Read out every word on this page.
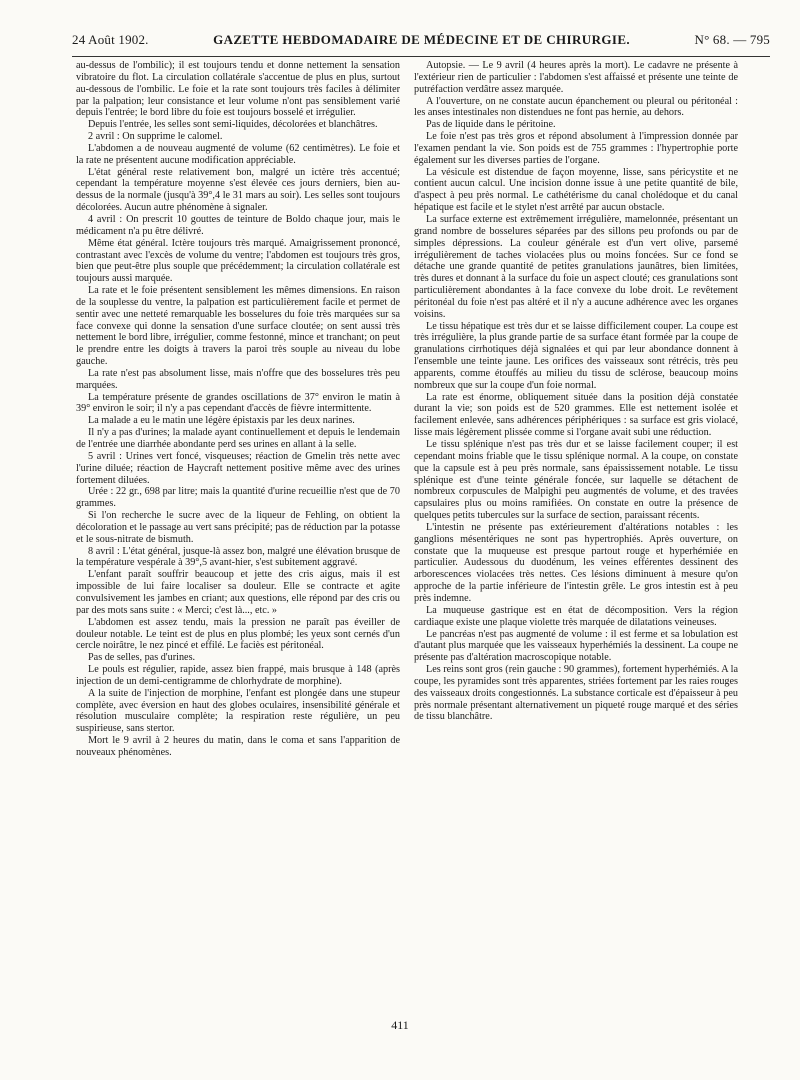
24 Août 1902.	GAZETTE HEBDOMADAIRE DE MÉDECINE ET DE CHIRURGIE.	N° 68. — 795

au-dessus de l'ombilic); il est toujours tendu et donne nettement la sensation vibratoire du flot. La circulation collatérale s'accentue de plus en plus, surtout au-dessous de l'ombilic. Le foie et la rate sont toujours très faciles à délimiter par la palpation; leur consistance et leur volume n'ont pas sensiblement varié depuis l'entrée; le bord libre du foie est toujours bosselé et irrégulier.

Depuis l'entrée, les selles sont semi-liquides, décolorées et blanchâtres.

2 avril : On supprime le calomel.

L'abdomen a de nouveau augmenté de volume (62 centimètres). Le foie et la rate ne présentent aucune modification appréciable.

L'état général reste relativement bon, malgré un ictère très accentué; cependant la température moyenne s'est élevée ces jours derniers, bien au-dessus de la normale (jusqu'à 39°,4 le 31 mars au soir). Les selles sont toujours décolorées. Aucun autre phénomène à signaler.

4 avril : On prescrit 10 gouttes de teinture de Boldo chaque jour, mais le médicament n'a pu être délivré.

Même état général. Ictère toujours très marqué. Amaigrissement prononcé, contrastant avec l'excès de volume du ventre; l'abdomen est toujours très gros, bien que peut-être plus souple que précédemment; la circulation collatérale est toujours aussi marquée.

La rate et le foie présentent sensiblement les mêmes dimensions. En raison de la souplesse du ventre, la palpation est particulièrement facile et permet de sentir avec une netteté remarquable les bosselures du foie très marquées sur sa face convexe qui donne la sensation d'une surface cloutée; on sent aussi très nettement le bord libre, irrégulier, comme festonné, mince et tranchant; on peut le prendre entre les doigts à travers la paroi très souple au niveau du lobe gauche.

La rate n'est pas absolument lisse, mais n'offre que des bosselures très peu marquées.

La température présente de grandes oscillations de 37° environ le matin à 39° environ le soir; il n'y a pas cependant d'accès de fièvre intermittente.

La malade a eu le matin une légère épistaxis par les deux narines.

Il n'y a pas d'urines; la malade ayant continuellement et depuis le lendemain de l'entrée une diarrhée abondante perd ses urines en allant à la selle.

5 avril : Urines vert foncé, visqueuses; réaction de Gmelin très nette avec l'urine diluée; réaction de Haycraft nettement positive même avec des urines fortement diluées.

Urée : 22 gr., 698 par litre; mais la quantité d'urine recueillie n'est que de 70 grammes.

Si l'on recherche le sucre avec de la liqueur de Fehling, on obtient la décoloration et le passage au vert sans précipité; pas de réduction par la potasse et le sous-nitrate de bismuth.

8 avril : L'état général, jusque-là assez bon, malgré une élévation brusque de la température vespérale à 39°,5 avant-hier, s'est subitement aggravé.

L'enfant paraît souffrir beaucoup et jette des cris aigus, mais il est impossible de lui faire localiser sa douleur. Elle se contracte et agite convulsivement les jambes en criant; aux questions, elle répond par des cris ou par des mots sans suite : « Merci; c'est là..., etc. »

L'abdomen est assez tendu, mais la pression ne paraît pas éveiller de douleur notable. Le teint est de plus en plus plombé; les yeux sont cernés d'un cercle noirâtre, le nez pincé et effilé. Le faciès est péritonéal.

Pas de selles, pas d'urines.

Le pouls est régulier, rapide, assez bien frappé, mais brusque à 148 (après injection de un demi-centigramme de chlorhydrate de morphine).

A la suite de l'injection de morphine, l'enfant est plongée dans une stupeur complète, avec éversion en haut des globes oculaires, insensibilité générale et résolution musculaire complète; la respiration reste régulière, un peu suspirieuse, sans stertor.

Mort le 9 avril à 2 heures du matin, dans le coma et sans l'apparition de nouveaux phénomènes.

Autopsie. — Le 9 avril (4 heures après la mort). Le cadavre ne présente à l'extérieur rien de particulier : l'abdomen s'est affaissé et présente une teinte de putréfaction verdâtre assez marquée.

A l'ouverture, on ne constate aucun épanchement ou pleural ou péritonéal : les anses intestinales non distendues ne font pas hernie, au dehors.

Pas de liquide dans le péritoine.

Le foie n'est pas très gros et répond absolument à l'impression donnée par l'examen pendant la vie. Son poids est de 755 grammes : l'hypertrophie porte également sur les diverses parties de l'organe.

La vésicule est distendue de façon moyenne, lisse, sans péricystite et ne contient aucun calcul. Une incision donne issue à une petite quantité de bile, d'aspect à peu près normal. Le cathétérisme du canal cholédoque et du canal hépatique est facile et le stylet n'est arrêté par aucun obstacle.

La surface externe est extrêmement irrégulière, mamelonnée, présentant un grand nombre de bosselures séparées par des sillons peu profonds ou par de simples dépressions. La couleur générale est d'un vert olive, parsemé irrégulièrement de taches violacées plus ou moins foncées. Sur ce fond se détache une grande quantité de petites granulations jaunâtres, bien limitées, très dures et donnant à la surface du foie un aspect clouté; ces granulations sont particulièrement abondantes à la face convexe du lobe droit. Le revêtement péritonéal du foie n'est pas altéré et il n'y a aucune adhérence avec les organes voisins.

Le tissu hépatique est très dur et se laisse difficilement couper. La coupe est très irrégulière, la plus grande partie de sa surface étant formée par la coupe de granulations cirrhotiques déjà signalées et qui par leur abondance donnent à l'ensemble une teinte jaune. Les orifices des vaisseaux sont rétrécis, très peu apparents, comme étouffés au milieu du tissu de sclérose, beaucoup moins nombreux que sur la coupe d'un foie normal.

La rate est énorme, obliquement située dans la position déjà constatée durant la vie; son poids est de 520 grammes. Elle est nettement isolée et facilement enlevée, sans adhérences périphériques : sa surface est gris violacé, lisse mais légèrement plissée comme si l'organe avait subi une réduction.

Le tissu splénique n'est pas très dur et se laisse facilement couper; il est cependant moins friable que le tissu splénique normal. A la coupe, on constate que la capsule est à peu près normale, sans épaississement notable. Le tissu splénique est d'une teinte générale foncée, sur laquelle se détachent de nombreux corpuscules de Malpighi peu augmentés de volume, et des travées capsulaires plus ou moins ramifiées. On constate en outre la présence de quelques petits tubercules sur la surface de section, paraissant récents.

L'intestin ne présente pas extérieurement d'altérations notables : les ganglions mésentériques ne sont pas hypertrophiés. Après ouverture, on constate que la muqueuse est presque partout rouge et hyperhémiée en particulier. Audessous du duodénum, les veines efférentes dessinent des arborescences violacées très nettes. Ces lésions diminuent à mesure qu'on approche de la partie inférieure de l'intestin grêle. Le gros intestin est à peu près indemne.

La muqueuse gastrique est en état de décomposition. Vers la région cardiaque existe une plaque violette très marquée de dilatations veineuses.

Le pancréas n'est pas augmenté de volume : il est ferme et sa lobulation est d'autant plus marquée que les vaisseaux hyperhémiés la dessinent. La coupe ne présente pas d'altération macroscopique notable.

Les reins sont gros (rein gauche : 90 grammes), fortement hyperhémiés. A la coupe, les pyramides sont très apparentes, striées fortement par les raies rouges des vaisseaux droits congestionnés. La substance corticale est d'épaisseur à peu près normale présentant alternativement un piqueté rouge marqué et des séries de tissu blanchâtre.

411
